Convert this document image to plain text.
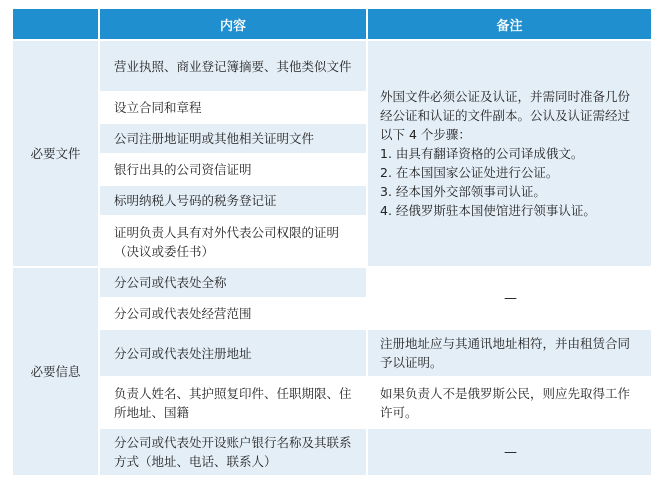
	内容	备注
必要文件	营业执照、商业登记簿摘要、其他类似文件	外国文件必须公证及认证，并需同时准备几份经公证和认证的文件副本。公认及认证需经过以下 4 个步骤：

1. 由具有翻译资格的公司译成俄文。

2. 在本国国家公证处进行公证。

3. 经本国外交部领事司认证。

4. 经俄罗斯驻本国使馆进行领事认证。

	设立合同和章程	
	公司注册地证明或其他相关证明文件	
	银行出具的公司资信证明	
	标明纳税人号码的税务登记证	
	证明负责人具有对外代表公司权限的证明（决议或委任书）	
必要信息	分公司或代表处全称	—
	分公司或代表处经营范围	
	分公司或代表处注册地址	注册地址应与其通讯地址相符，并由租赁合同予以证明。
	负责人姓名、其护照复印件、任职期限、住所地址、国籍	如果负责人不是俄罗斯公民，则应先取得工作许可。
	分公司或代表处开设账户银行名称及其联系方式（地址、电话、联系人）	—
